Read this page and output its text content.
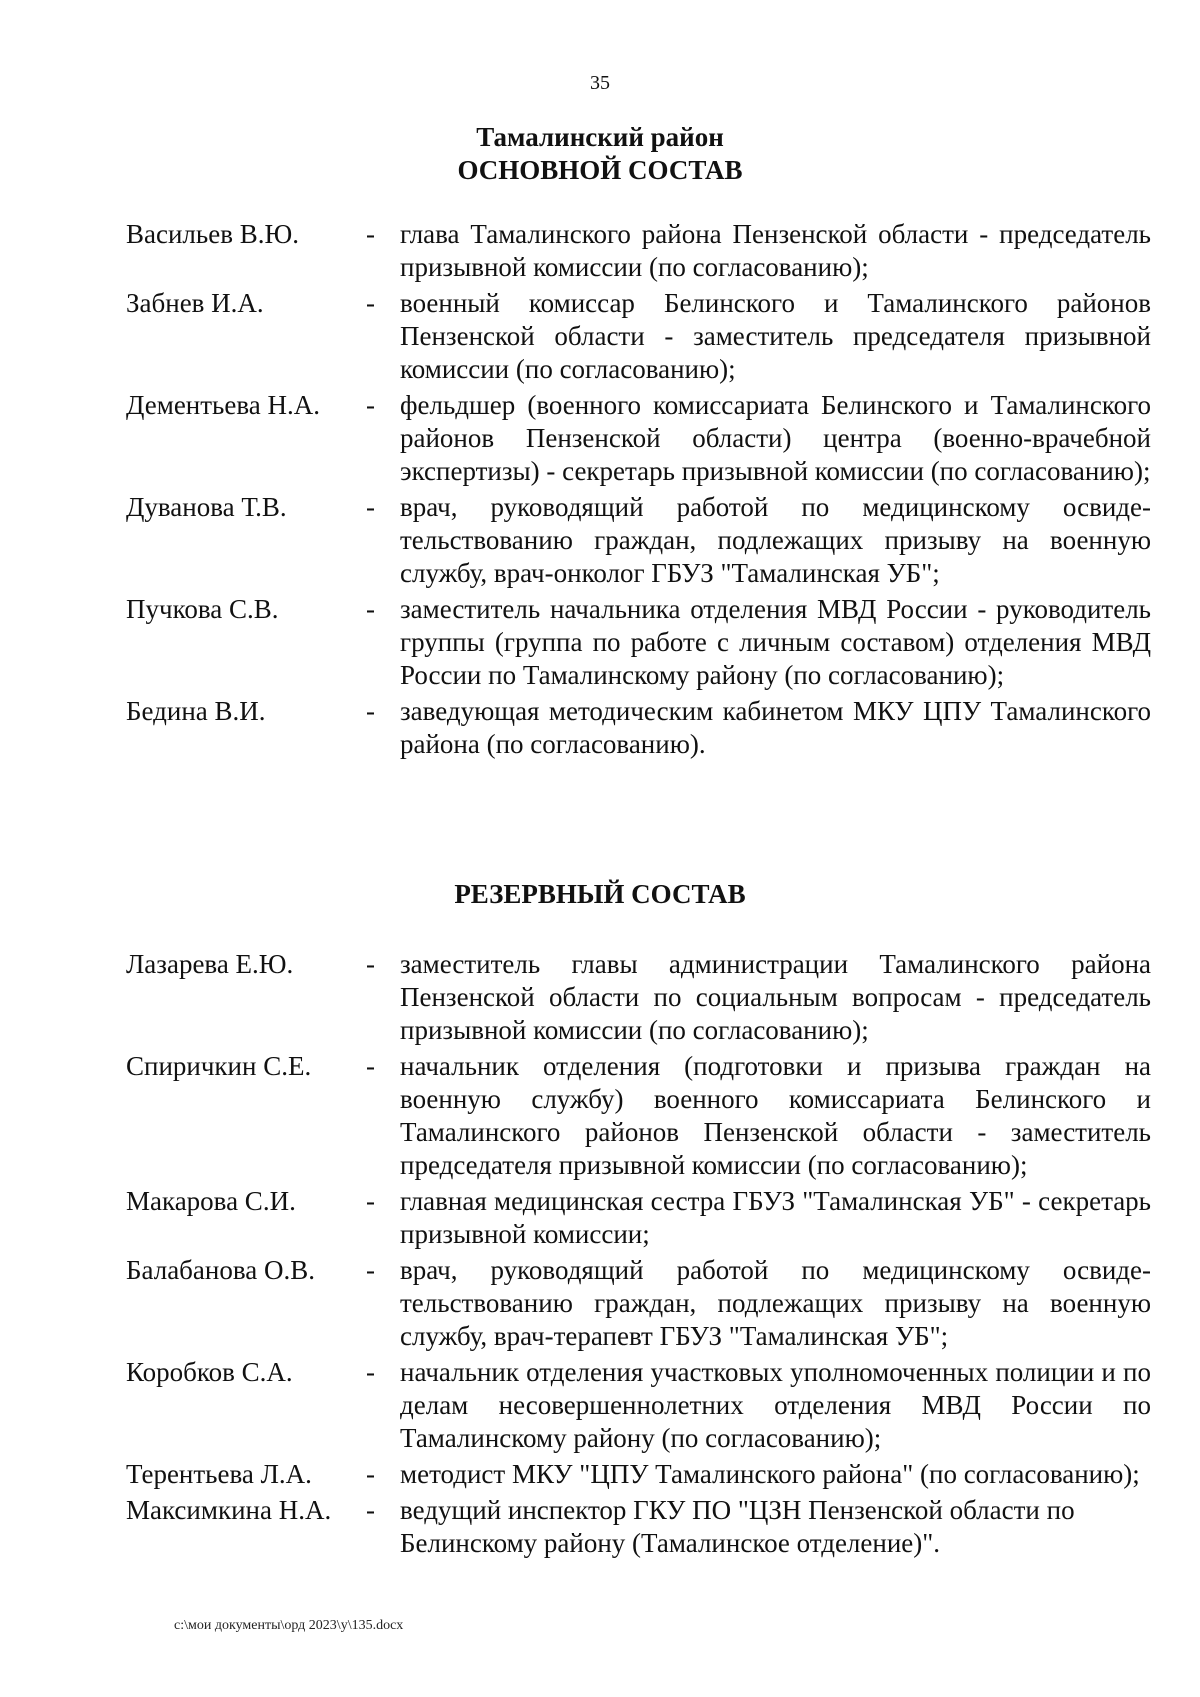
35
Тамалинский район
ОСНОВНОЙ СОСТАВ
Васильев В.Ю.	- глава Тамалинского района Пензенской области - председатель призывной комиссии (по согласованию);
Забнев И.А.	- военный комиссар Белинского и Тамалинского районов Пензенской области - заместитель председателя призывной комиссии (по согласованию);
Дементьева Н.А.	- фельдшер (военного комиссариата Белинского и Тамалинского районов Пензенской области) центра (военно-врачебной экспертизы) - секретарь призывной комиссии (по согласованию);
Дуванова Т.В.	- врач, руководящий работой по медицинскому освидетельствованию граждан, подлежащих призыву на военную службу, врач-онколог ГБУЗ "Тамалинская УБ";
Пучкова С.В.	- заместитель начальника отделения МВД России - руководитель группы (группа по работе с личным составом) отделения МВД России по Тамалинскому району (по согласованию);
Бедина В.И.	- заведующая методическим кабинетом МКУ ЦПУ Тамалинского района (по согласованию).
РЕЗЕРВНЫЙ СОСТАВ
Лазарева Е.Ю.	- заместитель главы администрации Тамалинского района Пензенской области по социальным вопросам - председатель призывной комиссии (по согласованию);
Спиричкин С.Е.	- начальник отделения (подготовки и призыва граждан на военную службу) военного комиссариата Белинского и Тамалинского районов Пензенской области - заместитель председателя призывной комиссии (по согласованию);
Макарова С.И.	- главная медицинская сестра ГБУЗ "Тамалинская УБ" - секретарь призывной комиссии;
Балабанова О.В.	- врач, руководящий работой по медицинскому освидетельствованию граждан, подлежащих призыву на военную службу, врач-терапевт ГБУЗ "Тамалинская УБ";
Коробков С.А.	- начальник отделения участковых уполномоченных полиции и по делам несовершеннолетних отделения МВД России по Тамалинскому району (по согласованию);
Терентьева Л.А.	- методист МКУ "ЦПУ Тамалинского района" (по согласованию);
Максимкина Н.А.	- ведущий инспектор ГКУ ПО "ЦЗН Пензенской области по Белинскому району (Тамалинское отделение)".
c:\мои документы\орд 2023\у\135.docx
